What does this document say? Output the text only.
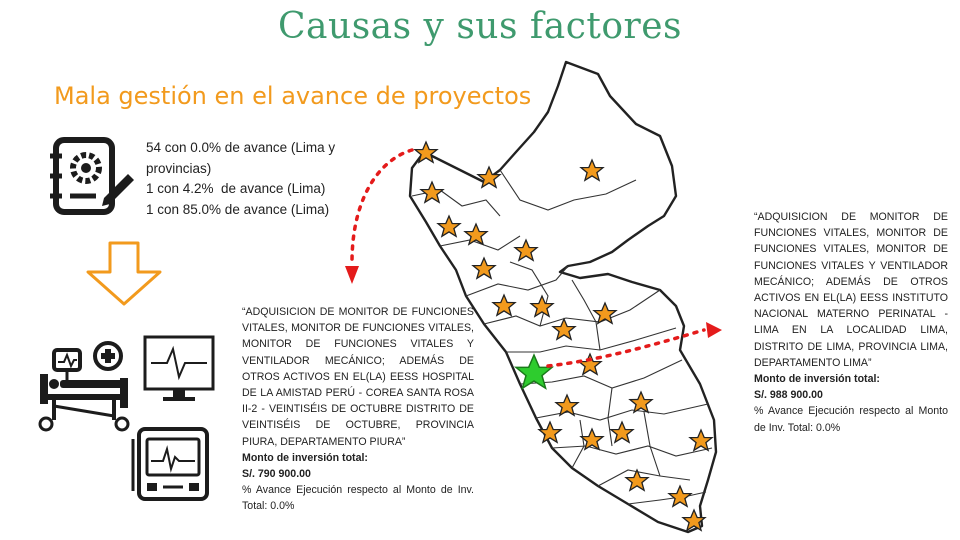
Causas y sus factores
Mala gestión en el avance de proyectos
54 con 0.0% de avance (Lima y provincias)
1 con 4.2%  de avance (Lima)
1 con 85.0% de avance (Lima)
“ADQUISICION DE MONITOR DE FUNCIONES VITALES, MONITOR DE FUNCIONES VITALES, MONITOR DE FUNCIONES VITALES Y VENTILADOR MECÁNICO; ADEMÁS DE OTROS ACTIVOS EN EL(LA) EESS HOSPITAL DE LA AMISTAD PERÚ - COREA SANTA ROSA II-2 - VEINTISÉIS DE OCTUBRE DISTRITO DE VEINTISÉIS DE OCTUBRE, PROVINCIA PIURA, DEPARTAMENTO PIURA”
Monto de inversión total:
S/. 790 900.00
% Avance Ejecución respecto al Monto de Inv. Total: 0.0%
“ADQUISICION DE MONITOR DE FUNCIONES VITALES, MONITOR DE FUNCIONES VITALES, MONITOR DE FUNCIONES VITALES Y VENTILADOR MECÁNICO; ADEMÁS DE OTROS ACTIVOS EN EL(LA) EESS INSTITUTO NACIONAL MATERNO PERINATAL - LIMA EN LA LOCALIDAD LIMA, DISTRITO DE LIMA, PROVINCIA LIMA, DEPARTAMENTO LIMA”
Monto de inversión total:
S/. 988 900.00
% Avance Ejecución respecto al Monto de Inv. Total: 0.0%
